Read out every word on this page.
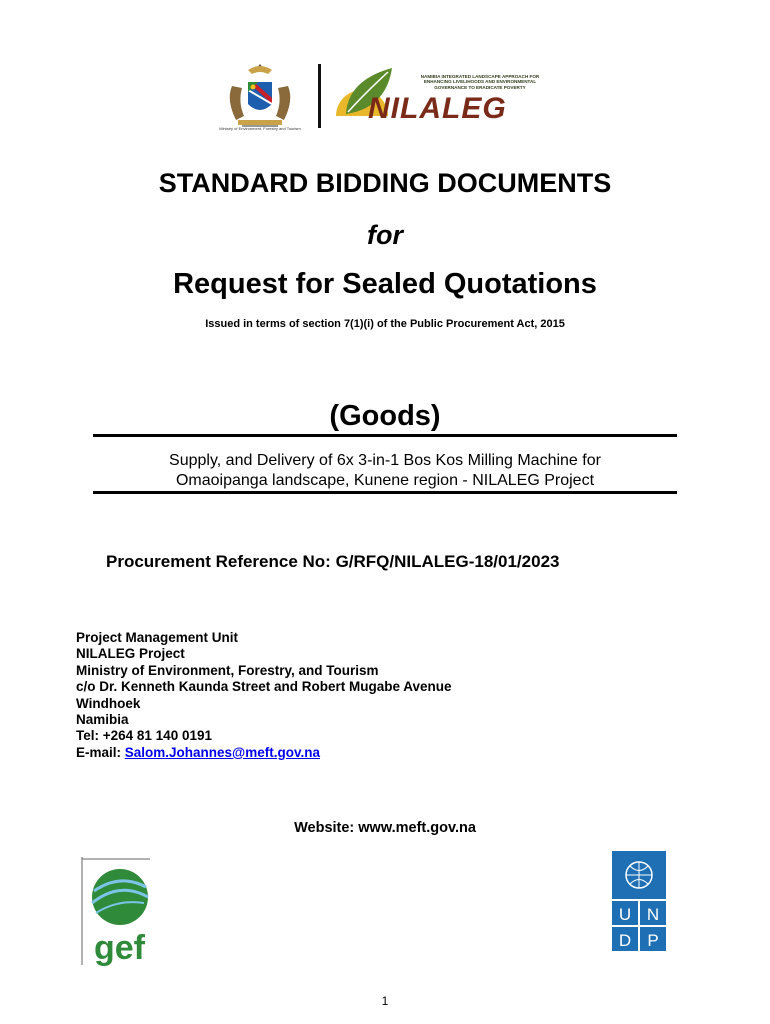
Ministry of Environment, Forestry and Tourism
NAMIBIA INTEGRATED LANDSCAPE APPROACH FOR
ENHANCING LIVELIHOODS AND ENVIRONMENTAL
GOVERNANCE TO ERADICATE POVERTY
NILALEG
STANDARD BIDDING DOCUMENTS
for
Request for Sealed Quotations
Issued in terms of section 7(1)(i) of the Public Procurement Act, 2015
(Goods)
Supply, and Delivery of 6x 3-in-1 Bos Kos Milling Machine for
Omaoipanga landscape, Kunene region - NILALEG Project
Procurement Reference No: G/RFQ/NILALEG-18/01/2023
Project Management Unit
NILALEG Project
Ministry of Environment, Forestry, and Tourism
c/o Dr. Kenneth Kaunda Street and Robert Mugabe Avenue
Windhoek
Namibia
Tel: +264 81 140 0191
E-mail: Salom.Johannes@meft.gov.na
Website: www.meft.gov.na
gef
U N
D P
1
